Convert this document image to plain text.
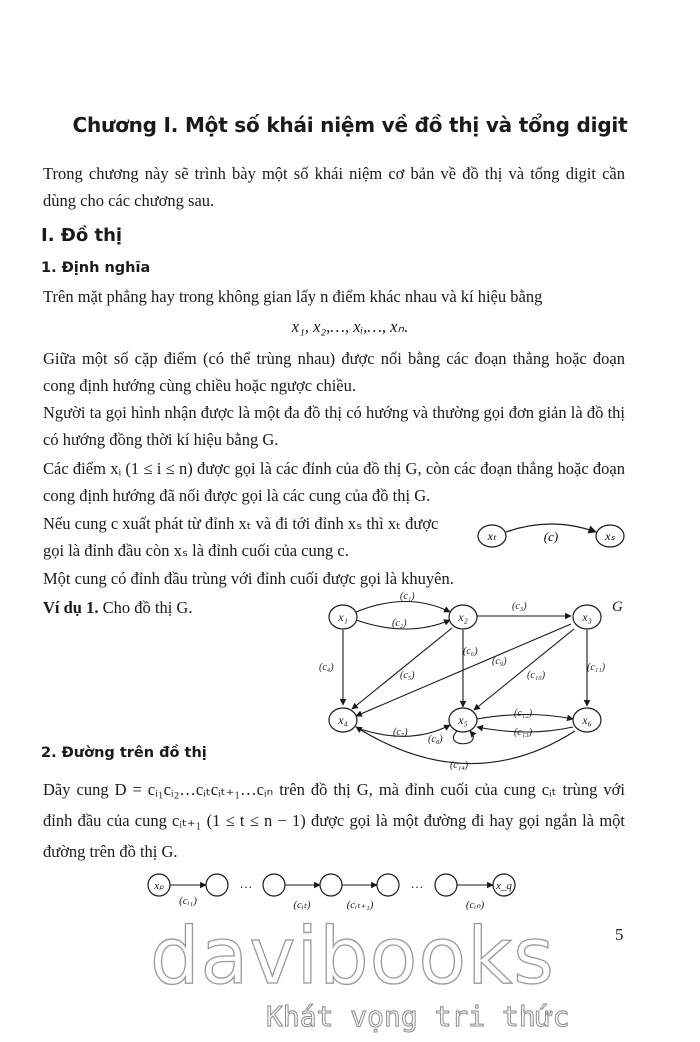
Chương I. Một số khái niệm về đồ thị và tổng digit
Trong chương này sẽ trình bày một số khái niệm cơ bản về đồ thị và tổng digit cần dùng cho các chương sau.
I. Đồ thị
1. Định nghĩa
Trên mặt phẳng hay trong không gian lấy n điểm khác nhau và kí hiệu bằng
x₁, x₂,…, xᵢ,…, xₙ.
Giữa một số cặp điểm (có thể trùng nhau) được nối bằng các đoạn thẳng hoặc đoạn cong định hướng cùng chiều hoặc ngược chiều.
Người ta gọi hình nhận được là một đa đồ thị có hướng và thường gọi đơn giản là đồ thị có hướng đồng thời kí hiệu bằng G.
Các điểm xᵢ (1 ≤ i ≤ n) được gọi là các đỉnh của đồ thị G, còn các đoạn thẳng hoặc đoạn cong định hướng đã nối được gọi là các cung của đồ thị G.
Nếu cung c xuất phát từ đỉnh xₜ và đi tới đỉnh xₛ thì xₜ được gọi là đỉnh đầu còn xₛ là đỉnh cuối của cung c.
xₜ	(c)	xₛ
Một cung có đỉnh đầu trùng với đỉnh cuối được gọi là khuyên.
Ví dụ 1. Cho đồ thị G.
(c₁)
(c₂)
(c₃)
(c₄)
(c₅)
(c₆)
(c₇)
(c₈)
(c₉)
(c₁₀)
(c₁₁)
(c₁₂)
(c₁₃)
(c₁₄)
x₁	x₂	x₃
x₄	x₅	x₆
G
2. Đường trên đồ thị
Dãy cung D = cᵢ₁cᵢ₂…cᵢₜcᵢₜ₊₁…cᵢₙ trên đồ thị G, mà đỉnh cuối của cung cᵢₜ trùng với đỉnh đầu của cung cᵢₜ₊₁ (1 ≤ t ≤ n − 1) được gọi là một đường đi hay gọi ngắn là một đường trên đồ thị G.
xₚ	x_q
(cᵢ₁)	(cᵢₜ)	(cᵢₜ₊₁)	(cᵢₙ)
…	…
5
davibooks
Khát vọng tri thức
